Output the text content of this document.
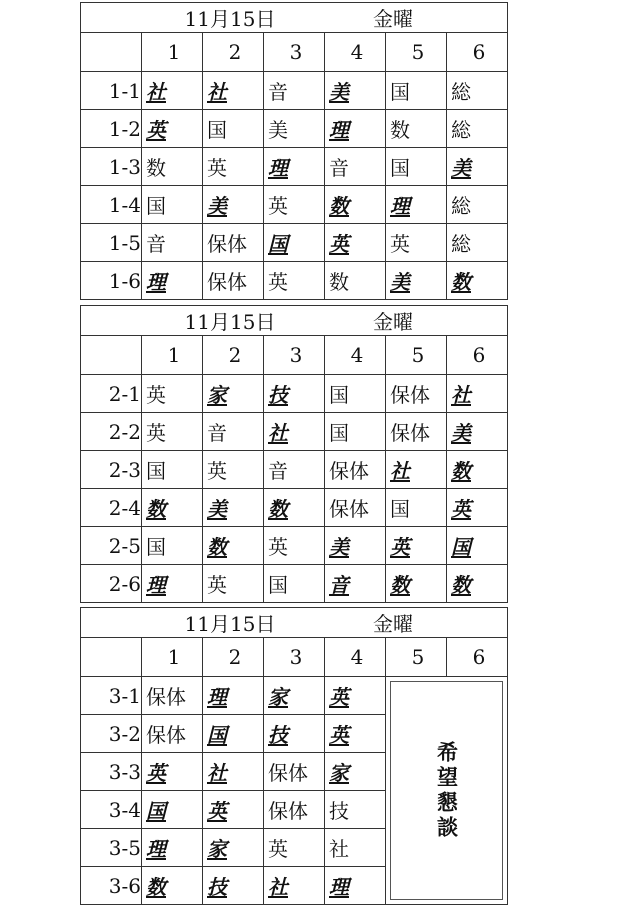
11月15日 金曜						
	1	2	3	4	5	6
1-1	社	社	音	美	国	総
1-2	英	国	美	理	数	総
1-3	数	英	理	音	国	美
1-4	国	美	英	数	理	総
1-5	音	保体	国	英	英	総
1-6	理	保体	英	数	美	数
11月15日 金曜						
	1	2	3	4	5	6
2-1	英	家	技	国	保体	社
2-2	英	音	社	国	保体	美
2-3	国	英	音	保体	社	数
2-4	数	美	数	保体	国	英
2-5	国	数	英	美	英	国
2-6	理	英	国	音	数	数
11月15日 金曜						
	1	2	3	4	5	6
3-1	保体	理	家	英	希望懇談	

3-2	保体	国	技	英		
3-3	英	社	保体	家		
3-4	国	英	保体	技		
3-5	理	家	英	社		
3-6	数	技	社	理		
